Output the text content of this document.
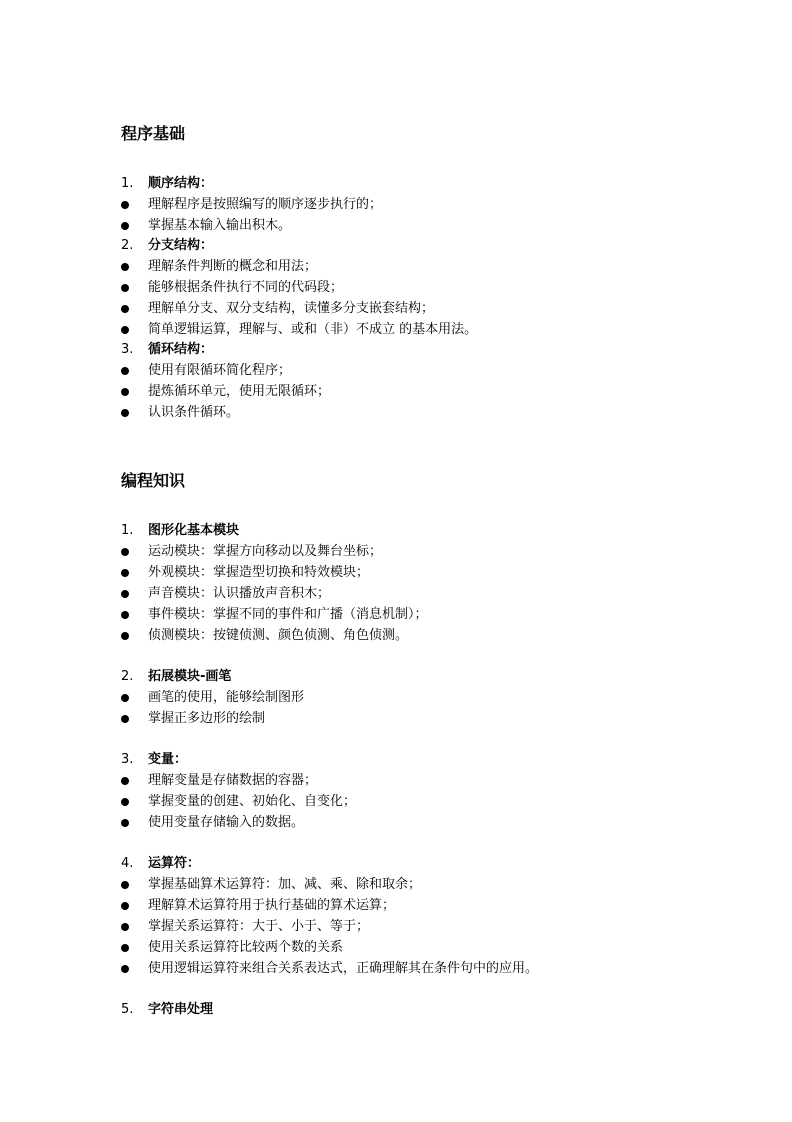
程序基础
编程知识
1.	顺序结构：
理解程序是按照编写的顺序逐步执行的；
掌握基本输入输出积木。
2.	分支结构：
理解条件判断的概念和用法；
能够根据条件执行不同的代码段；
理解单分支、双分支结构，读懂多分支嵌套结构；
简单逻辑运算，理解与、或和（非）不成立 的基本用法。
3.	循环结构：
使用有限循环简化程序；
提炼循环单元，使用无限循环；
认识条件循环。
1.	图形化基本模块
运动模块：掌握方向移动以及舞台坐标；
外观模块：掌握造型切换和特效模块；
声音模块：认识播放声音积木；
事件模块：掌握不同的事件和广播（消息机制）；
侦测模块：按键侦测、颜色侦测、角色侦测。
2.	拓展模块-画笔
画笔的使用，能够绘制图形
掌握正多边形的绘制
3.	变量：
理解变量是存储数据的容器；
掌握变量的创建、初始化、自变化；
使用变量存储输入的数据。
4.	运算符：
掌握基础算术运算符：加、减、乘、除和取余；
理解算术运算符用于执行基础的算术运算；
掌握关系运算符：大于、小于、等于；
使用关系运算符比较两个数的关系
使用逻辑运算符来组合关系表达式，正确理解其在条件句中的应用。
5.	字符串处理
